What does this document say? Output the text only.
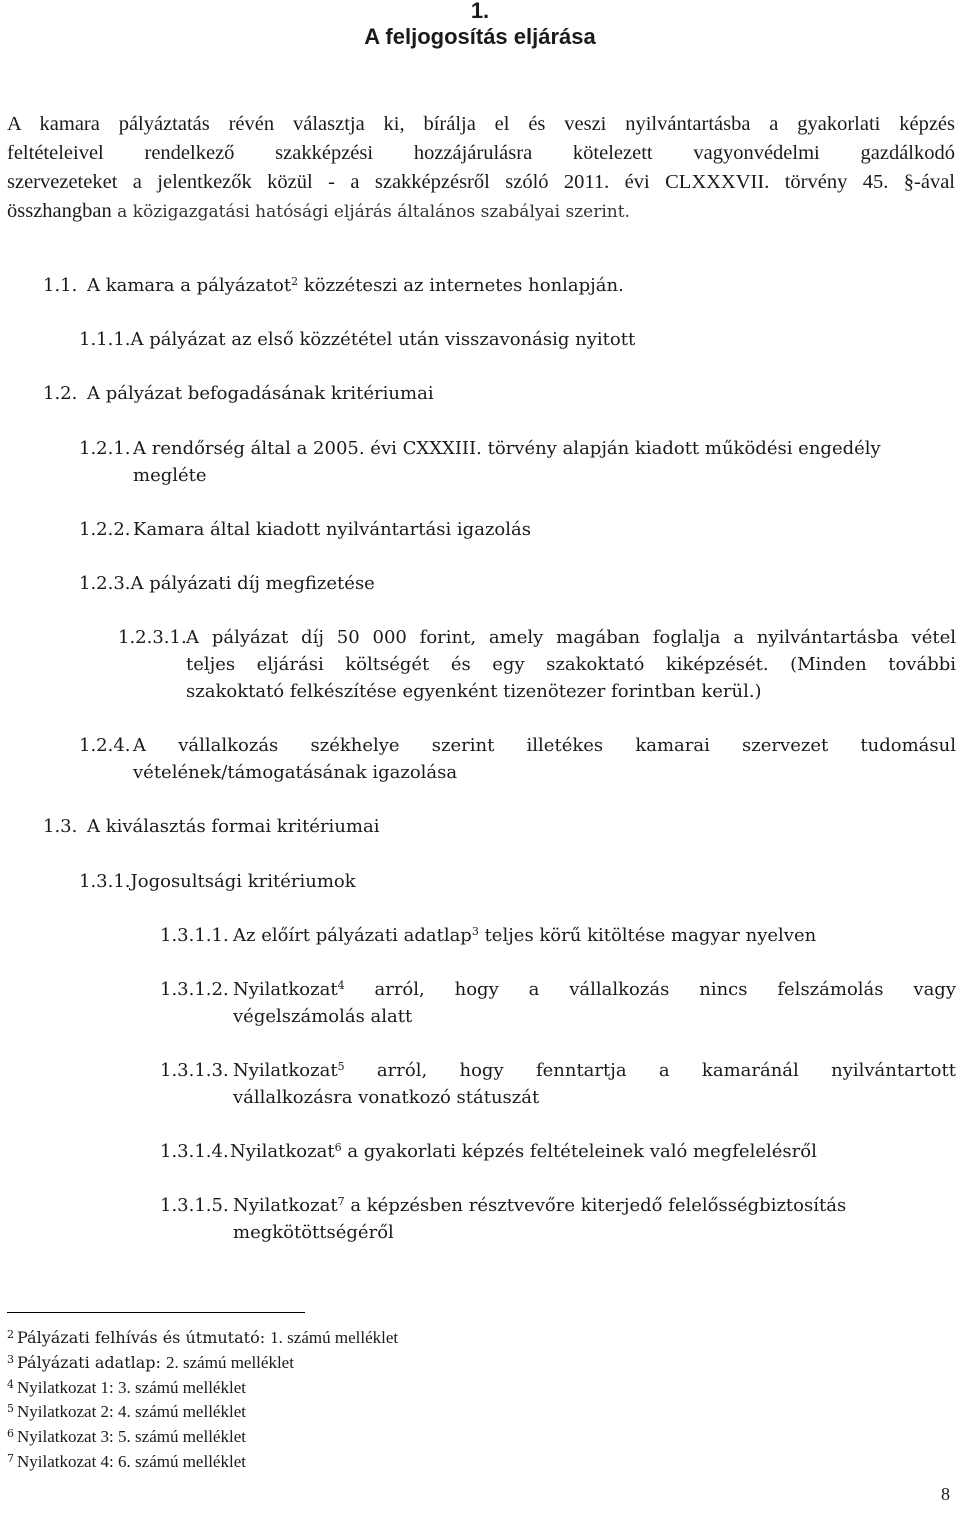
1.
A feljogosítás eljárása
A kamara pályáztatás révén választja ki, bírálja el és veszi nyilvántartásba a gyakorlati képzés
feltételeivel rendelkező szakképzési hozzájárulásra kötelezett vagyonvédelmi gazdálkodó
szervezeteket a jelentkezők közül - a szakképzésről szóló 2011. évi CLXXXVII. törvény 45. §-ával
összhangban a közigazgatási hatósági eljárás általános szabályai szerint.
1.1. A kamara a pályázatot$^2$ közzéteszi az internetes honlapján.
1.1.1.A pályázat az első közzététel után visszavonásig nyitott
1.2. A pályázat befogadásának kritériumai
1.2.1. A rendőrség által a 2005. évi CXXXIII. törvény alapján kiadott működési engedély
megléte
1.2.2. Kamara által kiadott nyilvántartási igazolás
1.2.3.A pályázati díj megfizetése
1.2.3.1.A pályázat díj 50 000 forint, amely magában foglalja a nyilvántartásba vétel
teljes eljárási költségét és egy szakoktató kiképzését. (Minden további
szakoktató felkészítése egyenként tizenötezer forintban kerül.)
1.2.4. A vállalkozás székhelye szerint illetékes kamarai szervezet tudomásul
vételének/támogatásának igazolása
1.3. A kiválasztás formai kritériumai
1.3.1.Jogosultsági kritériumok
1.3.1.1. Az előírt pályázati adatlap$^3$ teljes körű kitöltése magyar nyelven
1.3.1.2. Nyilatkozat$^4$ arról, hogy a vállalkozás nincs felszámolás vagy
végelszámolás alatt
1.3.1.3. Nyilatkozat$^5$ arról, hogy fenntartja a kamaránál nyilvántartott
vállalkozásra vonatkozó státuszát
1.3.1.4.Nyilatkozat$^6$ a gyakorlati képzés feltételeinek való megfelelésről
1.3.1.5. Nyilatkozat$^7$ a képzésben résztvevőre kiterjedő felelősségbiztosítás
megkötöttségéről
$^2$ Pályázati felhívás és útmutató: 1. számú melléklet
$^3$ Pályázati adatlap: 2. számú melléklet
$^4$ Nyilatkozat 1: 3. számú melléklet
$^5$ Nyilatkozat 2: 4. számú melléklet
$^6$ Nyilatkozat 3: 5. számú melléklet
$^7$ Nyilatkozat 4: 6. számú melléklet
8
